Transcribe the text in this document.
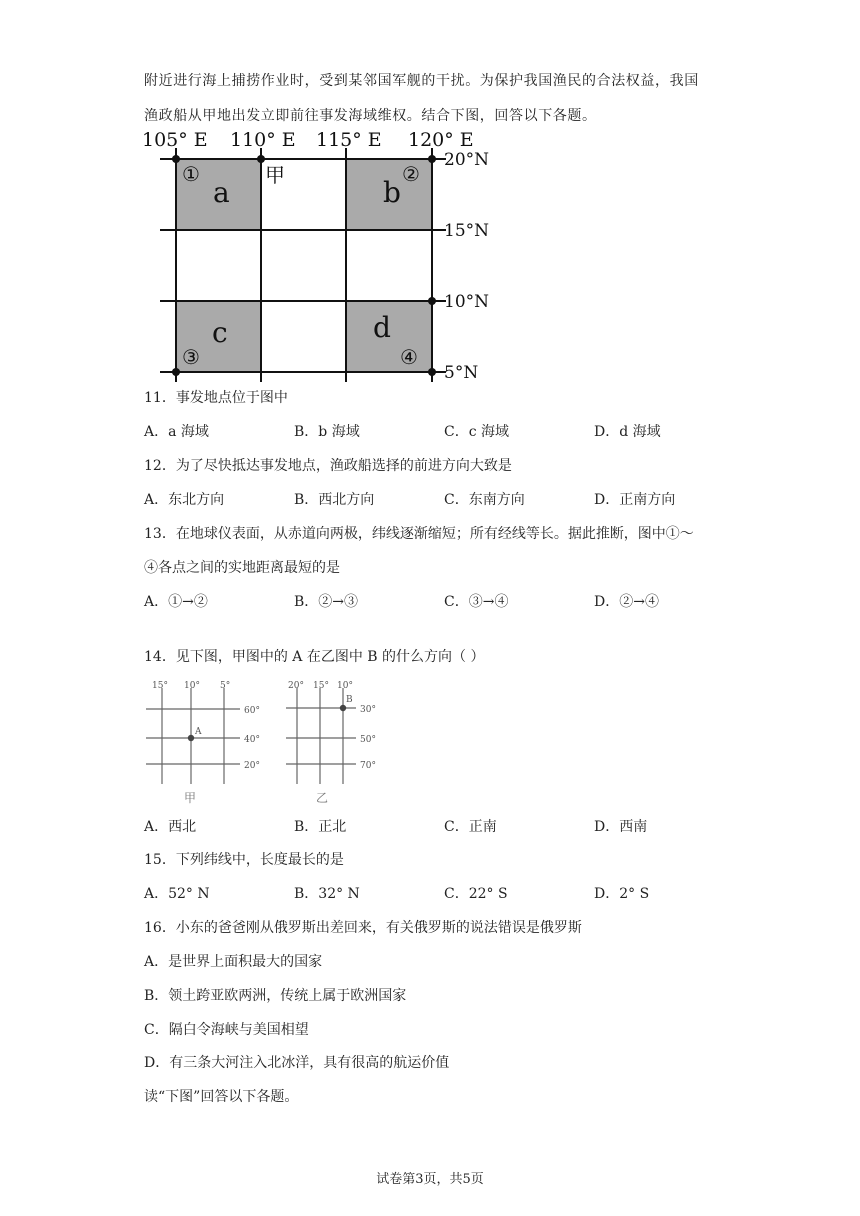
附近进行海上捕捞作业时，受到某邻国军舰的干扰。为保护我国渔民的合法权益，我国
渔政船从甲地出发立即前往事发海域维权。结合下图，回答以下各题。
105° E 110° E 115° E 120° E
20°N
15°N
10°N
5°N
a	b
c	d
①	②
③	④
甲
11．事发地点位于图中
A．a 海域	B．b 海域	C．c 海域	D．d 海域
12．为了尽快抵达事发地点，渔政船选择的前进方向大致是
A．东北方向	B．西北方向	C．东南方向	D．正南方向
13．在地球仪表面，从赤道向两极，纬线逐渐缩短；所有经线等长。据此推断，图中①～
④各点之间的实地距离最短的是
A．①→②	B．②→③	C．③→④	D．②→④
14．见下图，甲图中的 A 在乙图中 B 的什么方向（ ）
15° 10° 5°
60°
40°
20°
A
20° 15° 10°
30°
50°
70°
B
甲	乙
A．西北	B．正北	C．正南	D．西南
15．下列纬线中，长度最长的是
A．52° N	B．32° N	C．22° S	D．2° S
16．小东的爸爸刚从俄罗斯出差回来，有关俄罗斯的说法错误是俄罗斯
A．是世界上面积最大的国家
B．领土跨亚欧两洲，传统上属于欧洲国家
C．隔白令海峡与美国相望
D．有三条大河注入北冰洋，具有很高的航运价值
读“下图”回答以下各题。
试卷第3页，共5页
